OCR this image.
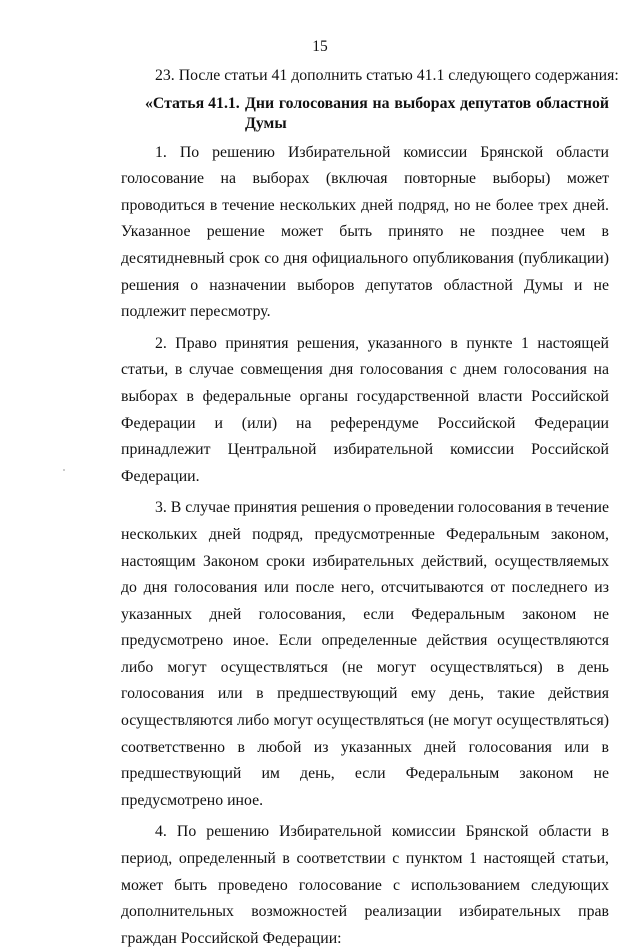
15

23. После статьи 41 дополнить статью 41.1 следующего содержания:

«Статья 41.1. Дни голосования на выборах депутатов областной Думы

1. По решению Избирательной комиссии Брянской области голосование на выборах (включая повторные выборы) может проводиться в течение нескольких дней подряд, но не более трех дней. Указанное решение может быть принято не позднее чем в десятидневный срок со дня официального опубликования (публикации) решения о назначении выборов депутатов областной Думы и не подлежит пересмотру.

2. Право принятия решения, указанного в пункте 1 настоящей статьи, в случае совмещения дня голосования с днем голосования на выборах в федеральные органы государственной власти Российской Федерации и (или) на референдуме Российской Федерации принадлежит Центральной избирательной комиссии Российской Федерации.

3. В случае принятия решения о проведении голосования в течение нескольких дней подряд, предусмотренные Федеральным законом, настоящим Законом сроки избирательных действий, осуществляемых до дня голосования или после него, отсчитываются от последнего из указанных дней голосования, если Федеральным законом не предусмотрено иное. Если определенные действия осуществляются либо могут осуществляться (не могут осуществляться) в день голосования или в предшествующий ему день, такие действия осуществляются либо могут осуществляться (не могут осуществляться) соответственно в любой из указанных дней голосования или в предшествующий им день, если Федеральным законом не предусмотрено иное.

4. По решению Избирательной комиссии Брянской области в период, определенный в соответствии с пунктом 1 настоящей статьи, может быть проведено голосование с использованием следующих дополнительных возможностей реализации избирательных прав граждан Российской Федерации:
